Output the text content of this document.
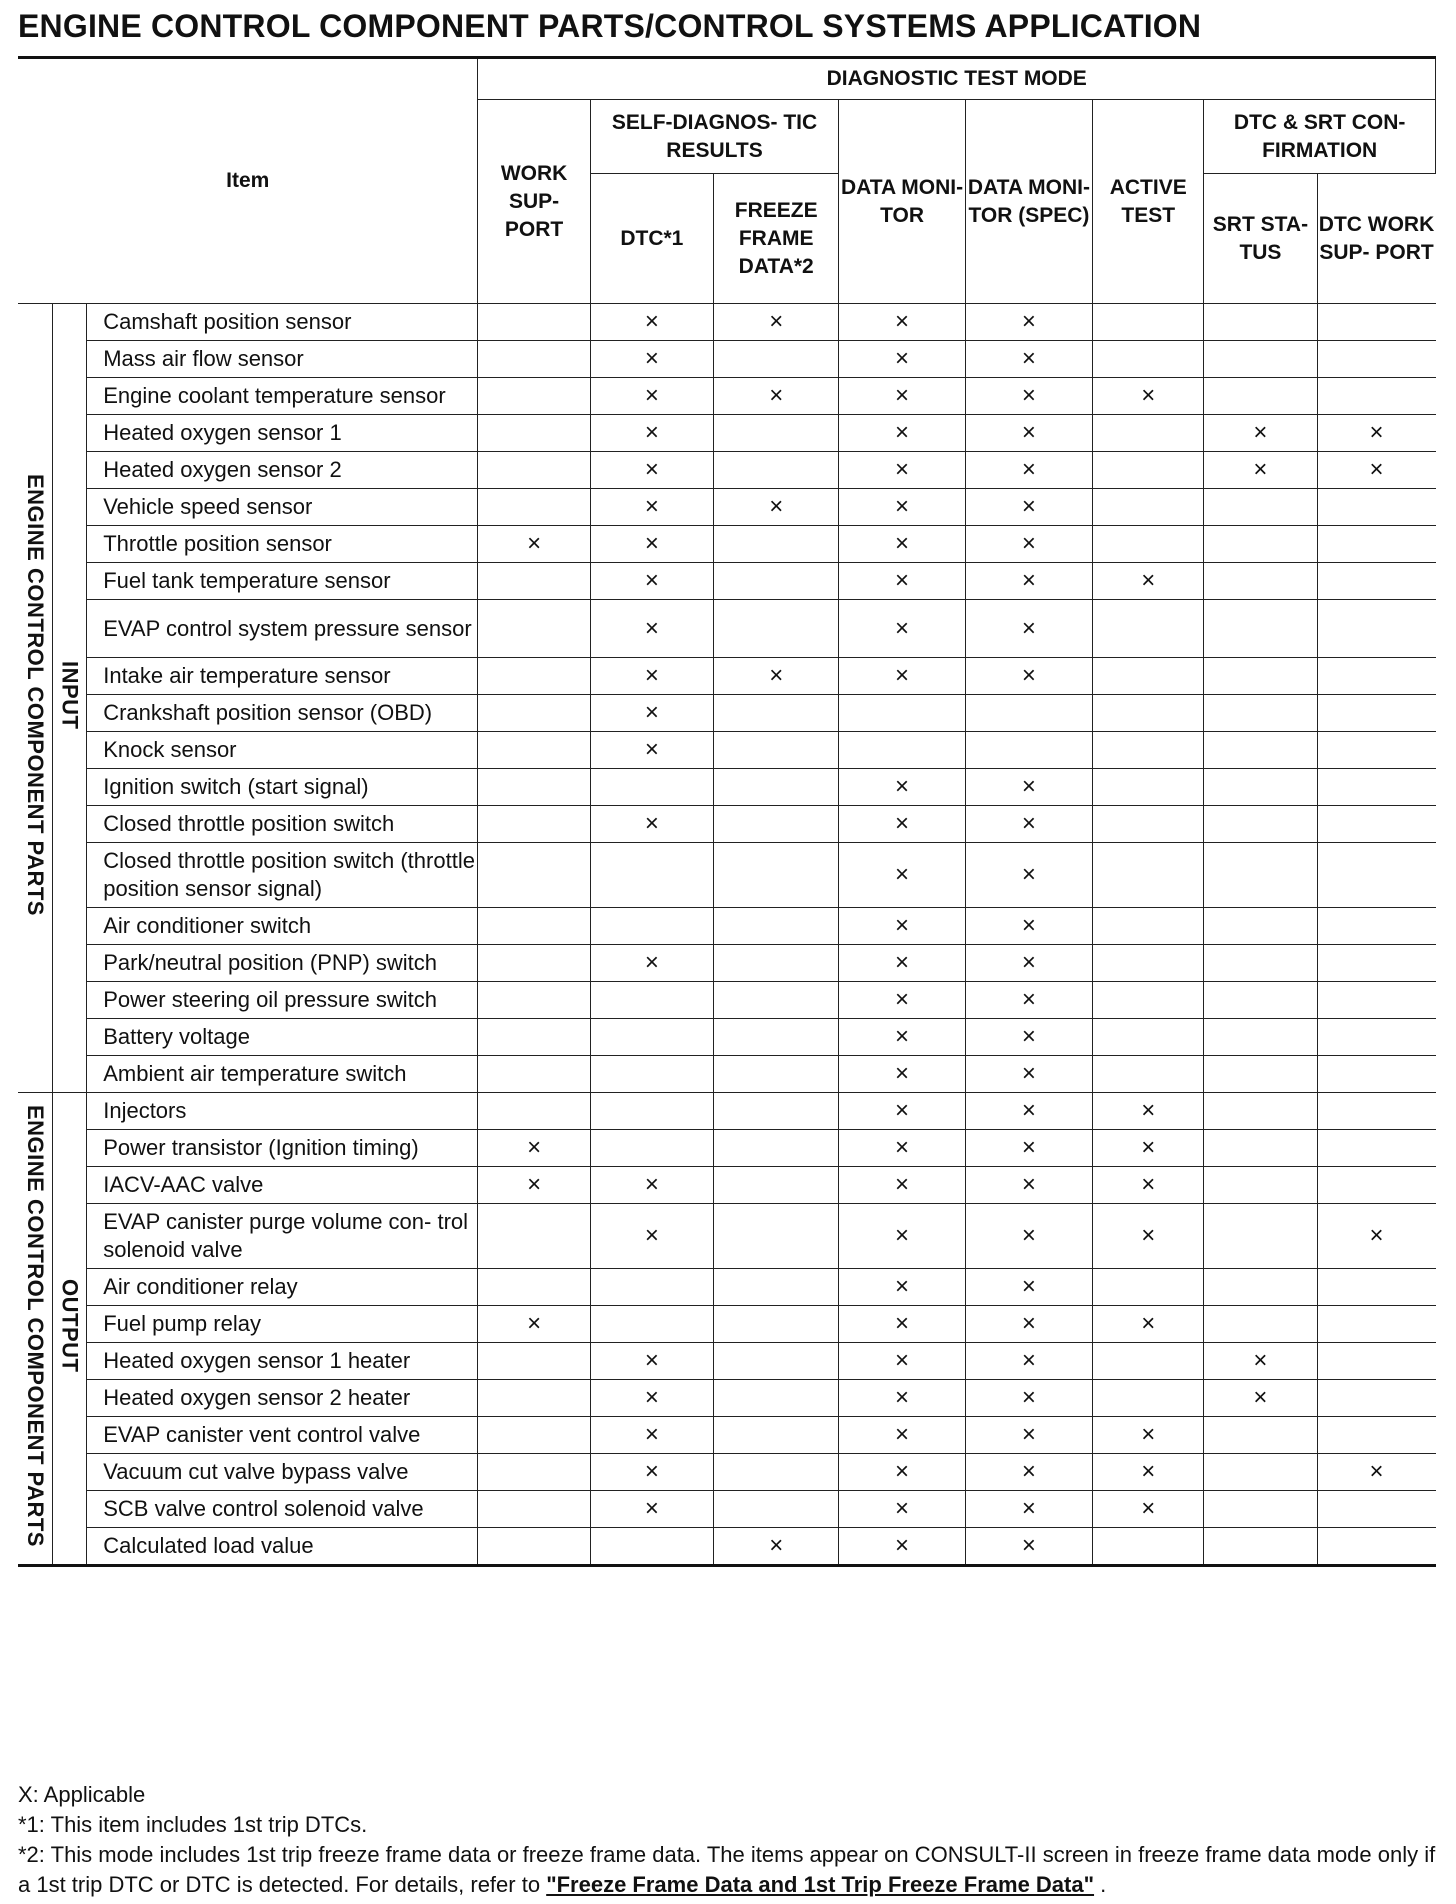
ENGINE CONTROL COMPONENT PARTS/CONTROL SYSTEMS APPLICATION
Item			DIAGNOSTIC TEST MODE							
			WORK SUP- PORT	SELF-DIAGNOS- TIC RESULTS		DATA MONI- TOR	DATA MONI- TOR (SPEC)	ACTIVE TEST	DTC & SRT CON- FIRMATION	
				DTC*1	FREEZE FRAME DATA*2				SRT STA- TUS	DTC WORK SUP- PORT
ENGINE CONTROL COMPONENT PARTS	INPUT	Camshaft position sensor		×	×	×	×			
		Mass air flow sensor		×		×	×			
		Engine coolant temperature sensor		×	×	×	×	×		
		Heated oxygen sensor 1		×		×	×		×	×
		Heated oxygen sensor 2		×		×	×		×	×
		Vehicle speed sensor		×	×	×	×			
		Throttle position sensor	×	×		×	×			
		Fuel tank temperature sensor		×		×	×	×		
		EVAP control system pressure sensor		×		×	×			
		Intake air temperature sensor		×	×	×	×			
		Crankshaft position sensor (OBD)		×						
		Knock sensor		×						
		Ignition switch (start signal)				×	×			
		Closed throttle position switch		×		×	×			
		Closed throttle position switch (throttle position sensor signal)				×	×			
		Air conditioner switch				×	×			
		Park/neutral position (PNP) switch		×		×	×			
		Power steering oil pressure switch				×	×			
		Battery voltage				×	×			
		Ambient air temperature switch				×	×			
ENGINE CONTROL COMPONENT PARTS	OUTPUT	Injectors				×	×	×		
		Power transistor (Ignition timing)	×			×	×	×		
		IACV-AAC valve	×	×		×	×	×		
		EVAP canister purge volume con- trol solenoid valve		×		×	×	×		×
		Air conditioner relay				×	×			
		Fuel pump relay	×			×	×	×		
		Heated oxygen sensor 1 heater		×		×	×		×	
		Heated oxygen sensor 2 heater		×		×	×		×	
		EVAP canister vent control valve		×		×	×	×		
		Vacuum cut valve bypass valve		×		×	×	×		×
		SCB valve control solenoid valve		×		×	×	×		
		Calculated load value			×	×	×			

X: Applicable

*1: This item includes 1st trip DTCs.

*2: This mode includes 1st trip freeze frame data or freeze frame data. The items appear on CONSULT-II screen in freeze frame data mode only if a 1st trip DTC or DTC is detected. For details, refer to "Freeze Frame Data and 1st Trip Freeze Frame Data" .
